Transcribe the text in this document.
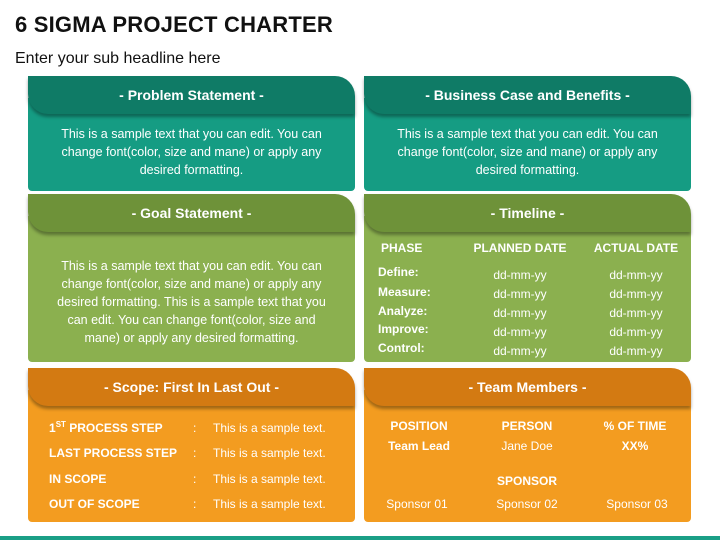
6 SIGMA PROJECT CHARTER
Enter your sub headline here
- Problem Statement -
This is a sample text that you can edit. You can change font(color, size and mane) or apply any desired formatting.
- Business Case and Benefits -
This is a sample text that you can edit. You can change font(color, size and mane) or apply any desired formatting.
- Goal Statement -
This is a sample text that you can edit. You can change font(color, size and mane) or apply any desired formatting. This is a sample text that you can edit. You can change font(color, size and mane) or apply any desired formatting.
- Timeline -
PHASE	PLANNED DATE	ACTUAL DATE
Define:	dd-mm-yy	dd-mm-yy
Measure:	dd-mm-yy	dd-mm-yy
Analyze:	dd-mm-yy	dd-mm-yy
Improve:	dd-mm-yy	dd-mm-yy
Control:	dd-mm-yy	dd-mm-yy
- Scope: First In Last Out -
1ST PROCESS STEP	: This is a sample text.
LAST PROCESS STEP : This is a sample text.
IN SCOPE	: This is a sample text.
OUT OF SCOPE	: This is a sample text.
- Team Members -
POSITION	PERSON	% OF TIME
Team Lead	Jane Doe	XX%
SPONSOR
Sponsor 01	Sponsor 02	Sponsor 03
